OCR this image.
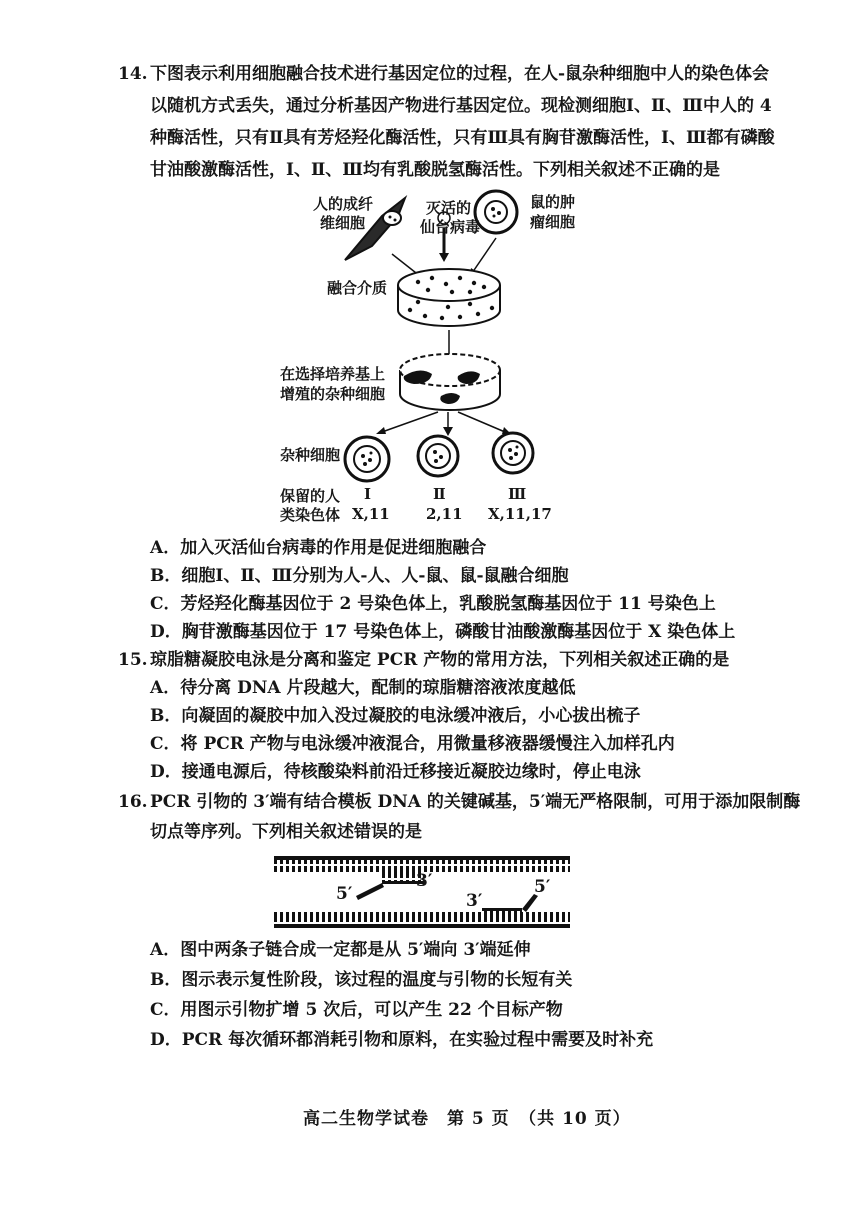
14. 下图表示利用细胞融合技术进行基因定位的过程，在人-鼠杂种细胞中人的染色体会
以随机方式丢失，通过分析基因产物进行基因定位。现检测细胞Ⅰ、Ⅱ、Ⅲ中人的 4
种酶活性，只有Ⅱ具有芳烃羟化酶活性，只有Ⅲ具有胸苷激酶活性，Ⅰ、Ⅲ都有磷酸
甘油酸激酶活性，Ⅰ、Ⅱ、Ⅲ均有乳酸脱氢酶活性。下列相关叙述不正确的是
人的成纤
维细胞
灭活的
仙台病毒
鼠的肿
瘤细胞
融合介质
在选择培养基上
增殖的杂种细胞
杂种细胞
保留的人
类染色体
Ⅰ
X,11
Ⅱ
2,11
Ⅲ
X,11,17
A．加入灭活仙台病毒的作用是促进细胞融合
B．细胞Ⅰ、Ⅱ、Ⅲ分别为人-人、人-鼠、鼠-鼠融合细胞
C．芳烃羟化酶基因位于 2 号染色体上，乳酸脱氢酶基因位于 11 号染色上
D．胸苷激酶基因位于 17 号染色体上，磷酸甘油酸激酶基因位于 X 染色体上
15. 琼脂糖凝胶电泳是分离和鉴定 PCR 产物的常用方法，下列相关叙述正确的是
A．待分离 DNA 片段越大，配制的琼脂糖溶液浓度越低
B．向凝固的凝胶中加入没过凝胶的电泳缓冲液后，小心拔出梳子
C．将 PCR 产物与电泳缓冲液混合，用微量移液器缓慢注入加样孔内
D．接通电源后，待核酸染料前沿迁移接近凝胶边缘时，停止电泳
16. PCR 引物的 3′端有结合模板 DNA 的关键碱基，5′端无严格限制，可用于添加限制酶
切点等序列。下列相关叙述错误的是
5′
3′
3′
5′
A．图中两条子链合成一定都是从 5′端向 3′端延伸
B．图示表示复性阶段，该过程的温度与引物的长短有关
C．用图示引物扩增 5 次后，可以产生 22 个目标产物
D．PCR 每次循环都消耗引物和原料，在实验过程中需要及时补充
高二生物学试卷　第 5 页　（共 10 页）
